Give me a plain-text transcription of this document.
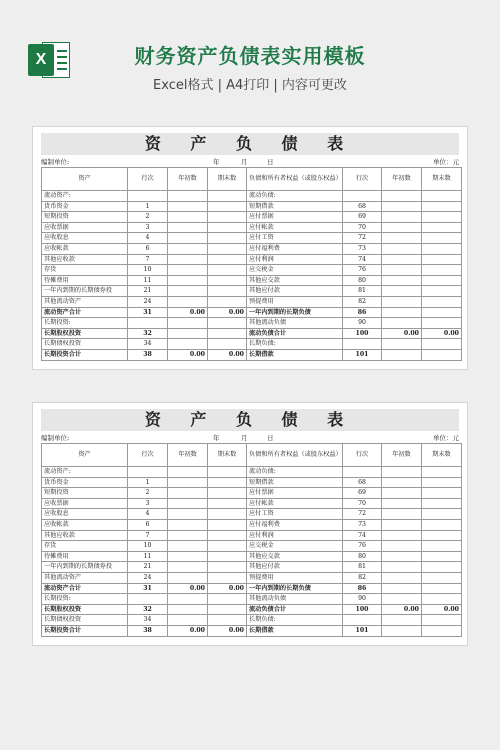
X	财务资产负债表实用模板
Excel格式 | A4打印 | 内容可更改
资 产 负 债 表
编制单位:	年	月	日	单位：元
资产	行次	年初数	期末数	负债和所有者权益（或股东权益）	行次	年初数	期末数
流动资产:				流动负债:			
货币资金	1			短期借款	68		
短期投资	2			应付票据	69		
应收票据	3			应付帐款	70		
应收股息	4			应付工资	72		
应收帐款	6			应付福利费	73		
其他应收款	7			应付利润	74		
存货	10			应交税金	76		
待摊费用	11			其他应交款	80		
一年内到期的长期债券投	21			其他应付款	81		
其他流动资产	24			预提费用	82		
流动资产合计	31	0.00	0.00	一年内到期的长期负债	86		
长期投资:				其他流动负债	90		
长期股权投资	32			流动负债合计	100	0.00	0.00
长期债权投资	34			长期负债:			
长期投资合计	38	0.00	0.00	长期借款	101		
资 产 负 债 表
编制单位:	年	月	日	单位：元
资产	行次	年初数	期末数	负债和所有者权益（或股东权益）	行次	年初数	期末数
流动资产:				流动负债:			
货币资金	1			短期借款	68		
短期投资	2			应付票据	69		
应收票据	3			应付帐款	70		
应收股息	4			应付工资	72		
应收帐款	6			应付福利费	73		
其他应收款	7			应付利润	74		
存货	10			应交税金	76		
待摊费用	11			其他应交款	80		
一年内到期的长期债券投	21			其他应付款	81		
其他流动资产	24			预提费用	82		
流动资产合计	31	0.00	0.00	一年内到期的长期负债	86		
长期投资:				其他流动负债	90		
长期股权投资	32			流动负债合计	100	0.00	0.00
长期债权投资	34			长期负债:			
长期投资合计	38	0.00	0.00	长期借款	101		
